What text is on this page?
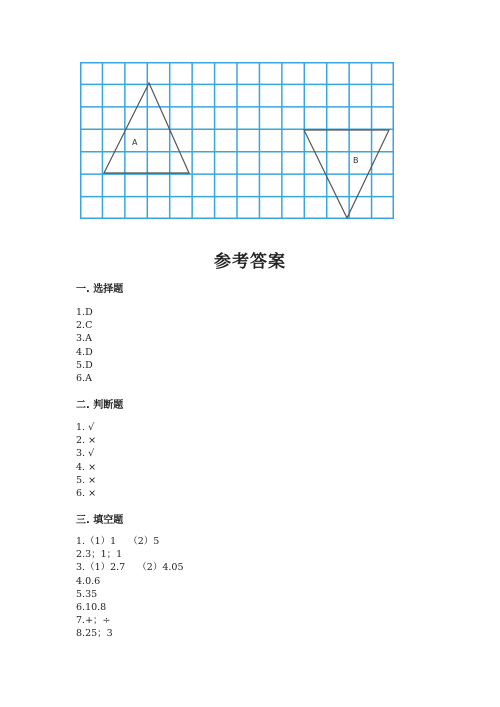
A
B
参考答案
一. 选择题
1.D
2.C
3.A
4.D
5.D
6.A
二. 判断题
1. √
2. ×
3. √
4. ×
5. ×
6. ×
三. 填空题
1.（1）1    （2）5
2.3；1；1
3.（1）2.7    （2）4.05
4.0.6
5.35
6.10.8
7.+；÷
8.25；3
